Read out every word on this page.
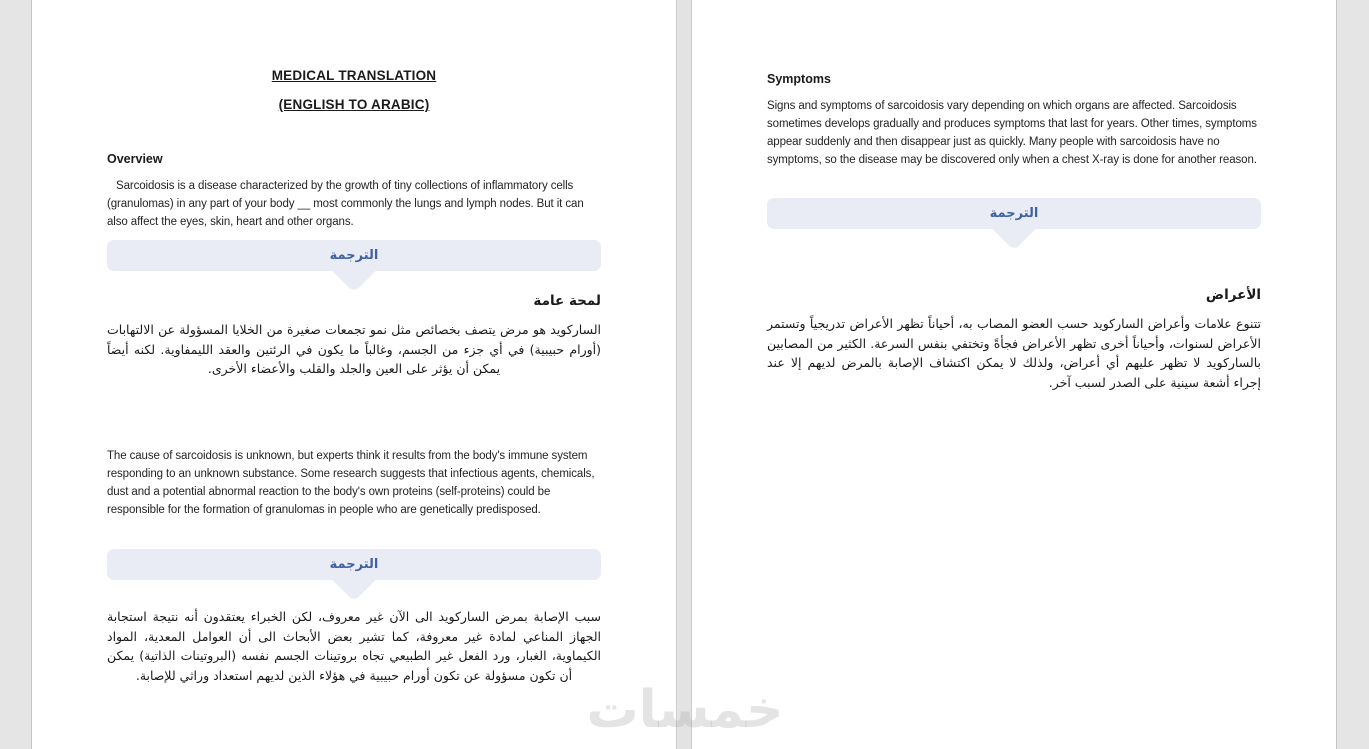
MEDICAL TRANSLATION
(ENGLISH TO ARABIC)
Overview
Sarcoidosis is a disease characterized by the growth of tiny collections of inflammatory cells (granulomas) in any part of your body __ most commonly the lungs and lymph nodes. But it can also affect the eyes, skin, heart and other organs.
الترجمة
لمحة عامة
الساركويد هو مرض يتصف بخصائص مثل نمو تجمعات صغيرة من الخلايا المسؤولة عن الالتهابات (أورام حبيبية) في أي جزء من الجسم، وغالباً ما يكون في الرئتين والعقد الليمفاوية. لكنه أيضاً يمكن أن يؤثر على العين والجلد والقلب والأعضاء الأخرى.
The cause of sarcoidosis is unknown, but experts think it results from the body's immune system responding to an unknown substance. Some research suggests that infectious agents, chemicals, dust and a potential abnormal reaction to the body's own proteins (self-proteins) could be responsible for the formation of granulomas in people who are genetically predisposed.
الترجمة
سبب الإصابة بمرض الساركويد الى الآن غير معروف، لكن الخبراء يعتقدون أنه نتيجة استجابة الجهاز المناعي لمادة غير معروفة، كما تشير بعض الأبحاث الى أن العوامل المعدية، المواد الكيماوية، الغبار، ورد الفعل غير الطبيعي تجاه بروتينات الجسم نفسه (البروتينات الذاتية) يمكن أن تكون مسؤولة عن تكون أورام حبيبية في هؤلاء الذين لديهم استعداد وراثي للإصابة.
Symptoms
Signs and symptoms of sarcoidosis vary depending on which organs are affected. Sarcoidosis sometimes develops gradually and produces symptoms that last for years. Other times, symptoms appear suddenly and then disappear just as quickly. Many people with sarcoidosis have no symptoms, so the disease may be discovered only when a chest X-ray is done for another reason.
الترجمة
الأعراض
تتنوع علامات وأعراض الساركويد حسب العضو المصاب به، أحياناً تظهر الأعراض تدريجياً وتستمر الأعراض لسنوات، وأحياناً أخرى تظهر الأعراض فجأةً وتختفي بنفس السرعة. الكثير من المصابين بالساركويد لا تظهر عليهم أي أعراض، ولذلك لا يمكن اكتشاف الإصابة بالمرض لديهم إلا عند إجراء أشعة سينية على الصدر لسبب آخر.
خمسات
